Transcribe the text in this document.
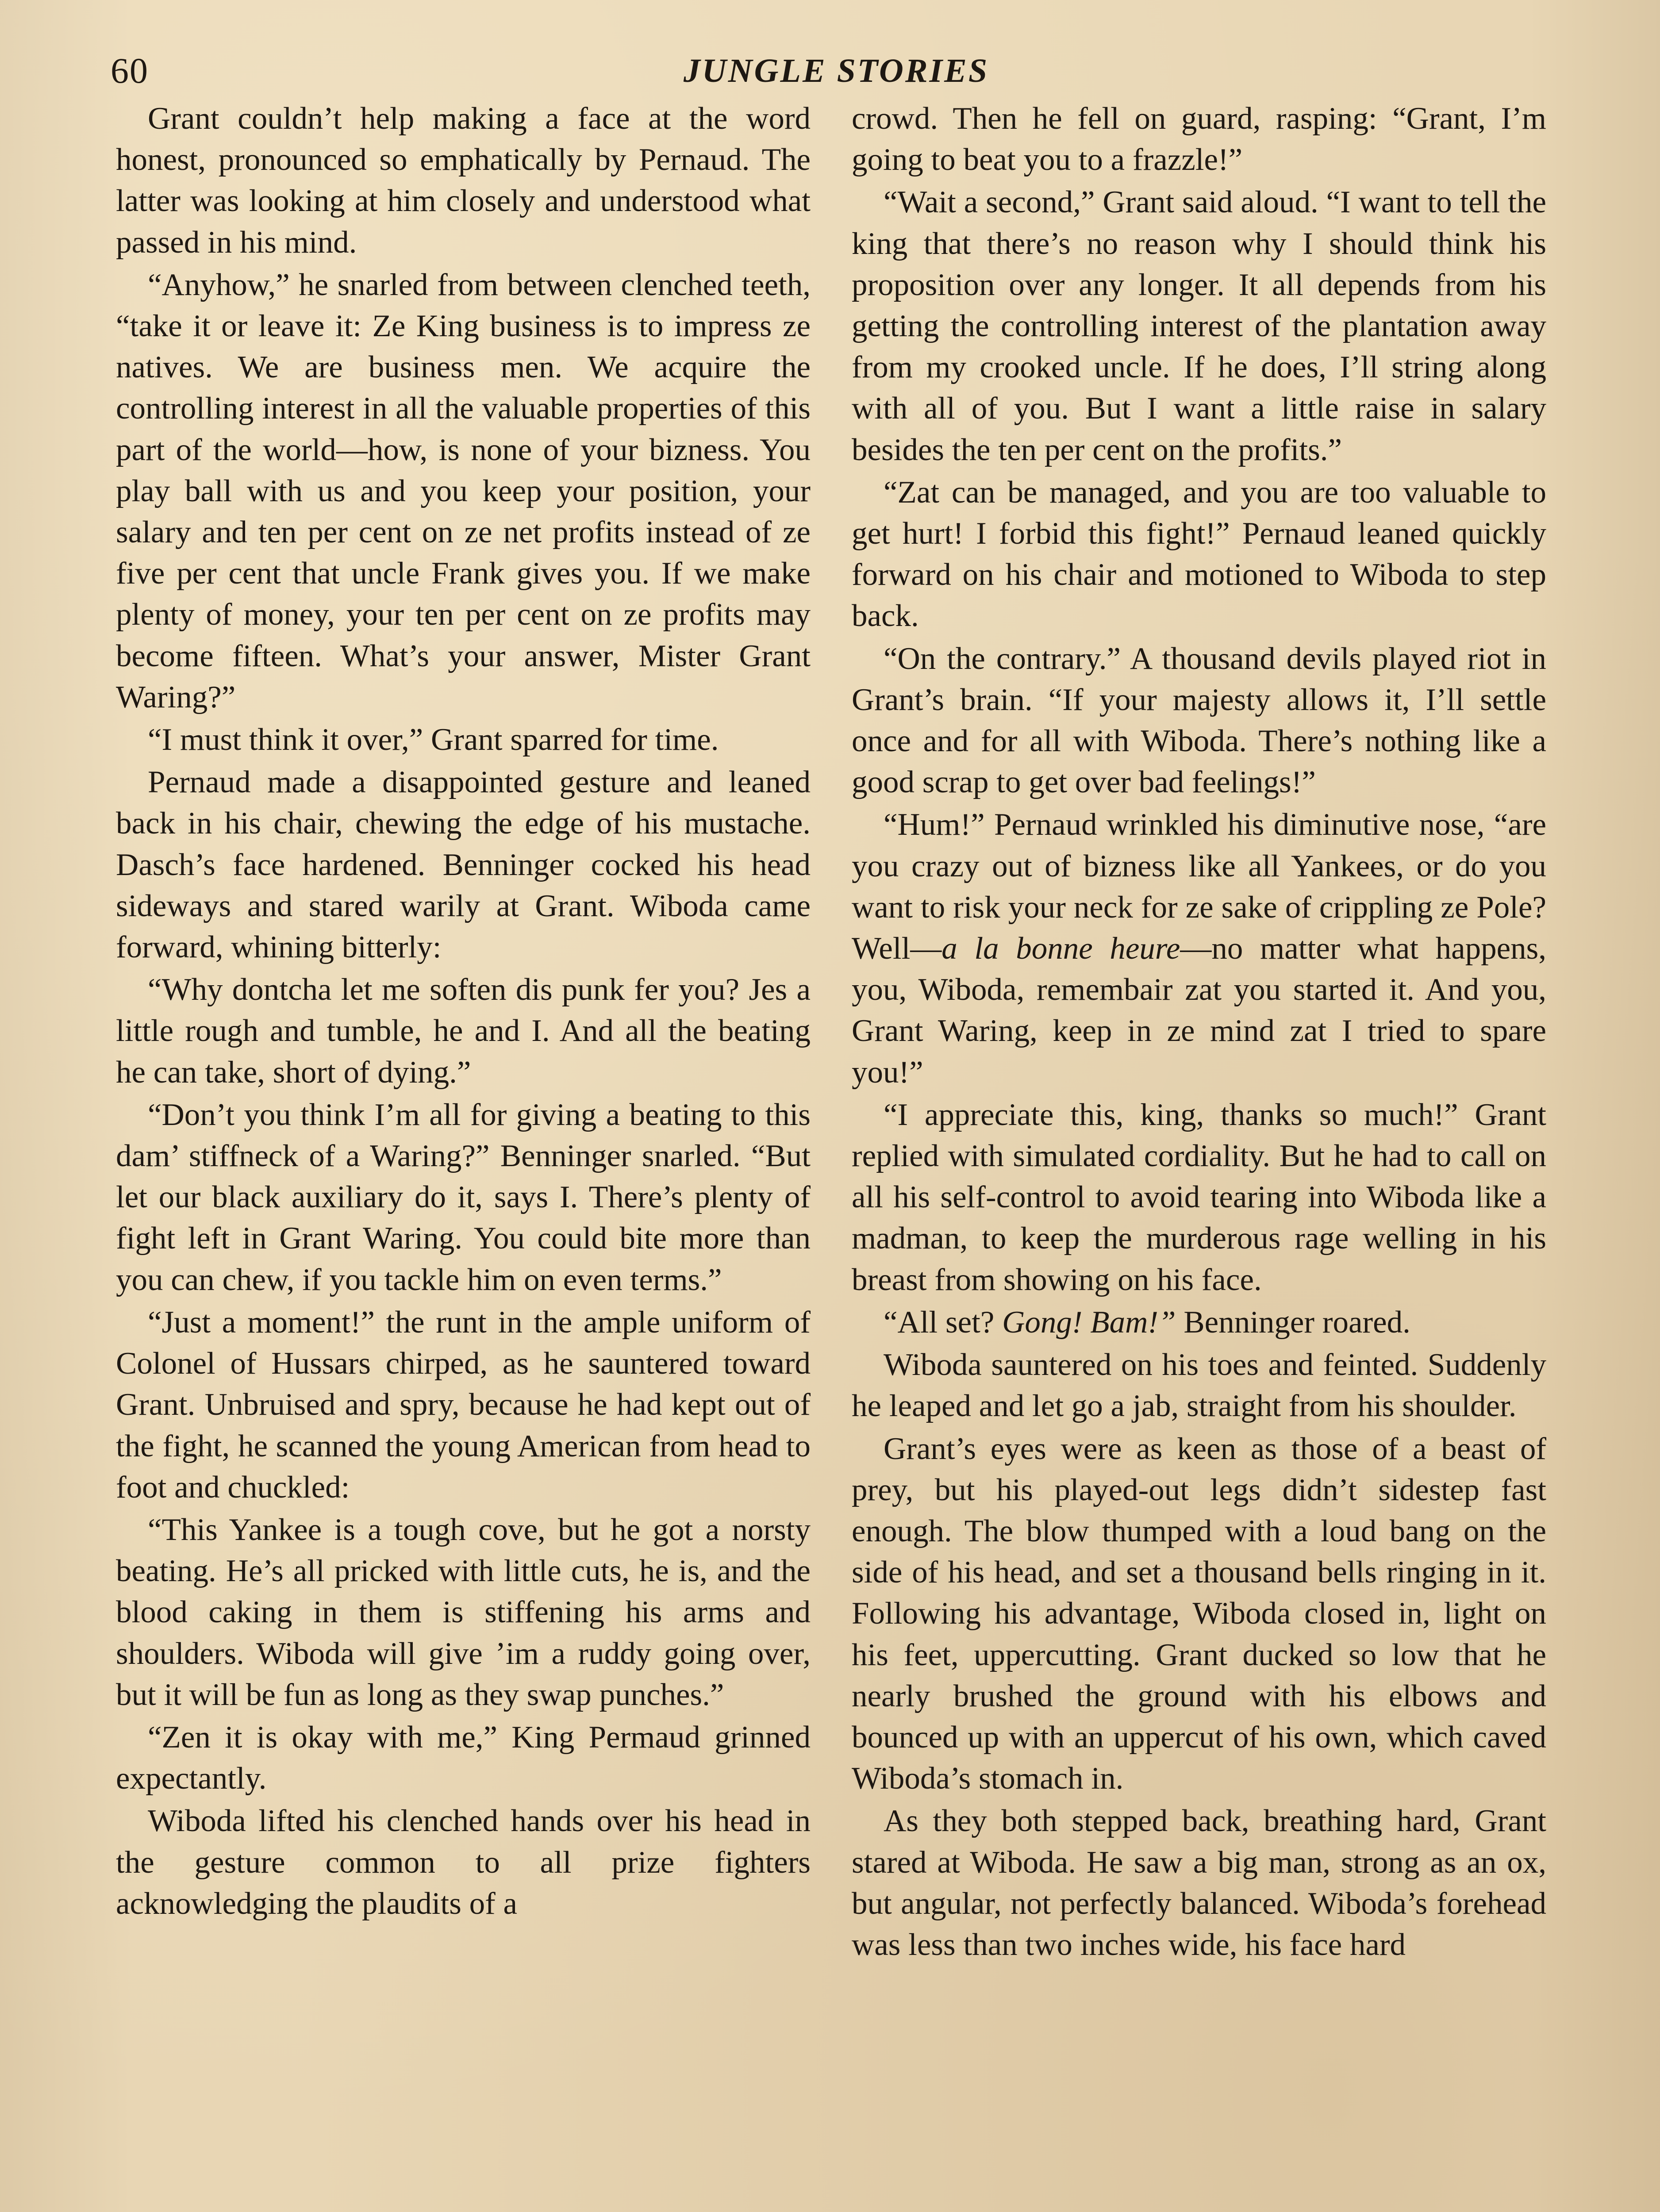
60	JUNGLE STORIES

Grant couldn’t help making a face at the word honest, pronounced so emphatically by Pernaud. The latter was looking at him closely and understood what passed in his mind.

“Anyhow,” he snarled from between clenched teeth, “take it or leave it: Ze King business is to impress ze natives. We are business men. We acquire the controlling interest in all the valuable properties of this part of the world—how, is none of your bizness. You play ball with us and you keep your position, your salary and ten per cent on ze net profits instead of ze five per cent that uncle Frank gives you. If we make plenty of money, your ten per cent on ze profits may become fifteen. What’s your answer, Mister Grant Waring?”

“I must think it over,” Grant sparred for time.

Pernaud made a disappointed gesture and leaned back in his chair, chewing the edge of his mustache. Dasch’s face hardened. Benninger cocked his head sideways and stared warily at Grant. Wiboda came forward, whining bitterly:

“Why dontcha let me soften dis punk fer you? Jes a little rough and tumble, he and I. And all the beating he can take, short of dying.”

“Don’t you think I’m all for giving a beating to this dam’ stiffneck of a Waring?” Benninger snarled. “But let our black auxiliary do it, says I. There’s plenty of fight left in Grant Waring. You could bite more than you can chew, if you tackle him on even terms.”

“Just a moment!” the runt in the ample uniform of Colonel of Hussars chirped, as he sauntered toward Grant. Unbruised and spry, because he had kept out of the fight, he scanned the young American from head to foot and chuckled:

“This Yankee is a tough cove, but he got a norsty beating. He’s all pricked with little cuts, he is, and the blood caking in them is stiffening his arms and shoulders. Wiboda will give ’im a ruddy going over, but it will be fun as long as they swap punches.”

“Zen it is okay with me,” King Permaud grinned expectantly.

Wiboda lifted his clenched hands over his head in the gesture common to all prize fighters acknowledging the plaudits of a

crowd. Then he fell on guard, rasping: “Grant, I’m going to beat you to a frazzle!”

“Wait a second,” Grant said aloud. “I want to tell the king that there’s no reason why I should think his proposition over any longer. It all depends from his getting the controlling interest of the plantation away from my crooked uncle. If he does, I’ll string along with all of you. But I want a little raise in salary besides the ten per cent on the profits.”

“Zat can be managed, and you are too valuable to get hurt! I forbid this fight!” Pernaud leaned quickly forward on his chair and motioned to Wiboda to step back.

“On the contrary.” A thousand devils played riot in Grant’s brain. “If your majesty allows it, I’ll settle once and for all with Wiboda. There’s nothing like a good scrap to get over bad feelings!”

“Hum!” Pernaud wrinkled his diminutive nose, “are you crazy out of bizness like all Yankees, or do you want to risk your neck for ze sake of crippling ze Pole? Well—a la bonne heure—no matter what happens, you, Wiboda, remembair zat you started it. And you, Grant Waring, keep in ze mind zat I tried to spare you!”

“I appreciate this, king, thanks so much!” Grant replied with simulated cordiality. But he had to call on all his self-control to avoid tearing into Wiboda like a madman, to keep the murderous rage welling in his breast from showing on his face.

“All set? Gong! Bam!” Benninger roared.

Wiboda sauntered on his toes and feinted. Suddenly he leaped and let go a jab, straight from his shoulder.

Grant’s eyes were as keen as those of a beast of prey, but his played-out legs didn’t sidestep fast enough. The blow thumped with a loud bang on the side of his head, and set a thousand bells ringing in it. Following his advantage, Wiboda closed in, light on his feet, uppercutting. Grant ducked so low that he nearly brushed the ground with his elbows and bounced up with an uppercut of his own, which caved Wiboda’s stomach in.

As they both stepped back, breathing hard, Grant stared at Wiboda. He saw a big man, strong as an ox, but angular, not perfectly balanced. Wiboda’s forehead was less than two inches wide, his face hard
